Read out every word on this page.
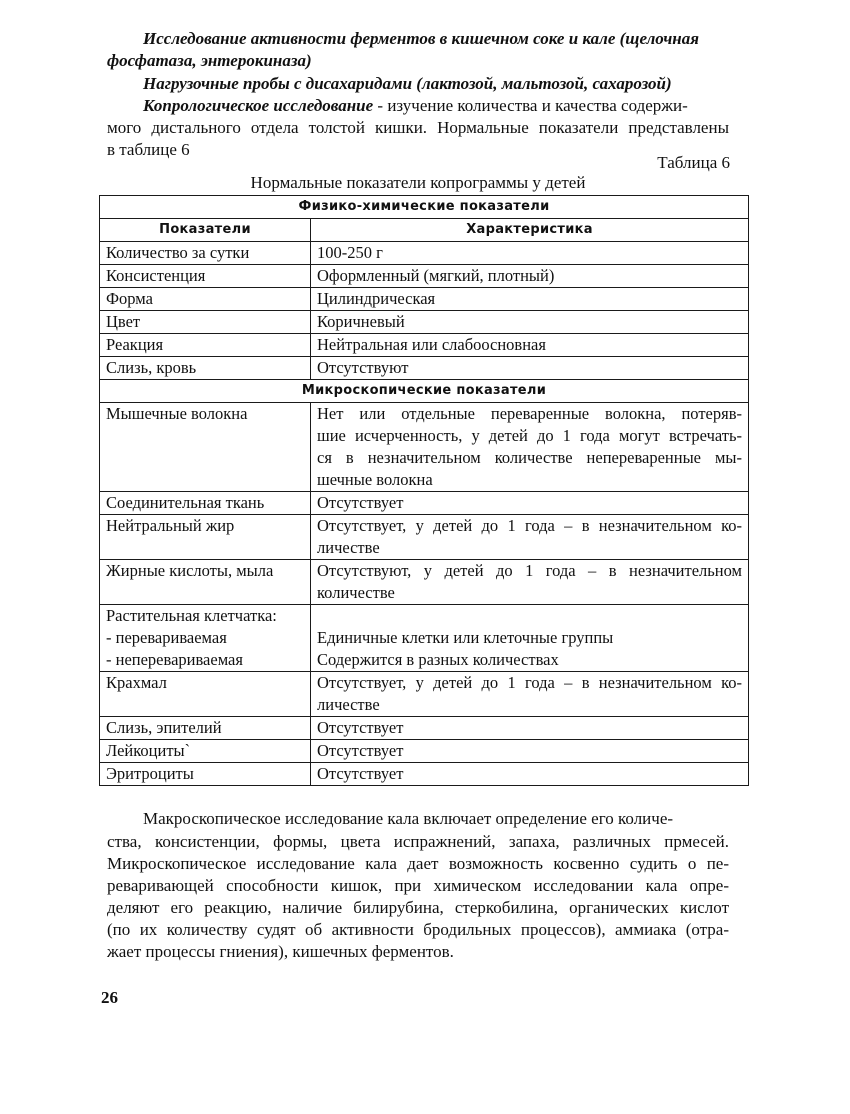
Исследование активности ферментов в кишечном соке и кале (щелочная
фосфатаза, энтерокиназа)
Нагрузочные пробы с дисахаридами (лактозой, мальтозой, сахарозой)
Копрологическое исследование - изучение количества и качества содержи-
мого дистального отдела толстой кишки. Нормальные показатели представлены
в таблице 6
Таблица 6
Нормальные показатели копрограммы у детей
Физико-химические показатели	
Показатели	Характеристика
Количество за сутки	100-250 г
Консистенция	Оформленный (мягкий, плотный)
Форма	Цилиндрическая
Цвет	Коричневый
Реакция	Нейтральная или слабоосновная
Слизь, кровь	Отсутствуют
Микроскопические показатели	
Мышечные волокна	Нет или отдельные переваренные волокна, потеряв-
шие исчерченность, у детей до 1 года могут встречать-
ся в незначительном количестве непереваренные мы-
шечные волокна

Соединительная ткань	Отсутствует
Нейтральный жир	Отсутствует, у детей до 1 года – в незначительном ко-
личестве

Жирные кислоты, мыла	Отсутствуют, у детей до 1 года – в незначительном
количестве

Растительная клетчатка:
- перевариваемая
- неперевариваемая	Единичные клетки или клеточные группы
Содержится в разных количествах

Крахмал	Отсутствует, у детей до 1 года – в незначительном ко-
личестве

Слизь, эпителий	Отсутствует
Лейкоциты`	Отсутствует
Эритроциты	Отсутствует
Макроскопическое исследование кала включает определение его количе-
ства, консистенции, формы, цвета испражнений, запаха, различных прмесей.
Микроскопическое исследование кала дает возможность косвенно судить о пе-
реваривающей способности кишок, при химическом исследовании кала опре-
деляют его реакцию, наличие билирубина, стеркобилина, органических кислот
(по их количеству судят об активности бродильных процессов), аммиака (отра-
жает процессы гниения), кишечных ферментов.
26
